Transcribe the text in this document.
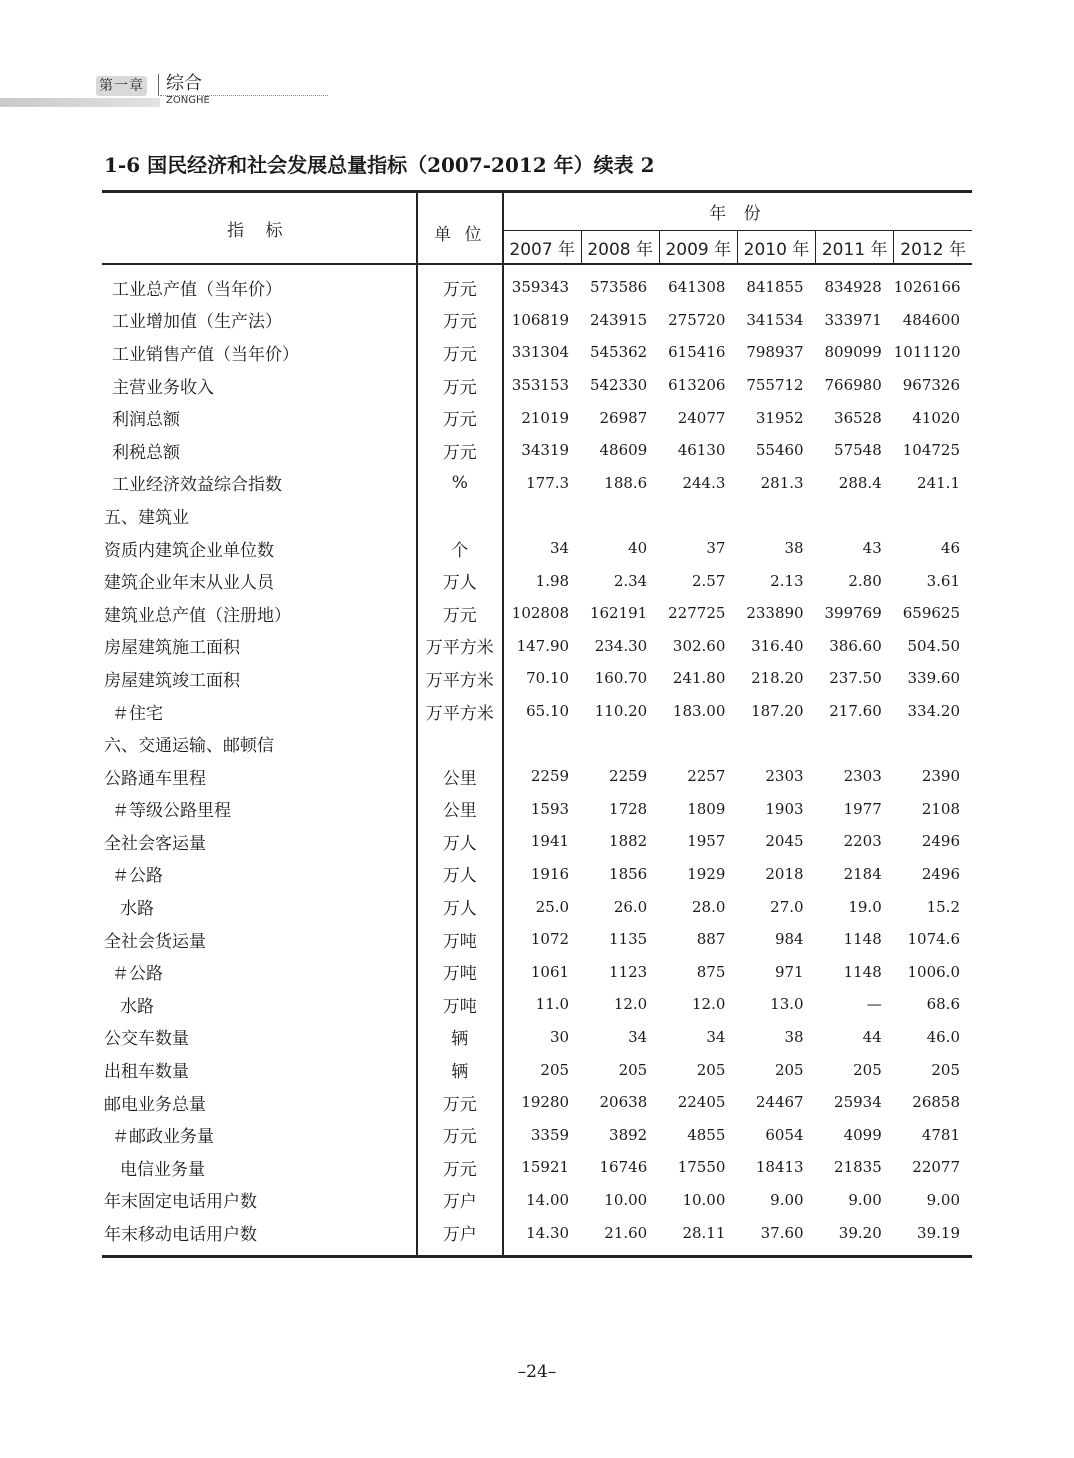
第一章 综合
ZONGHE
1-6 国民经济和社会发展总量指标（2007-2012 年）续表 2
指 标	单 位	年 份					
		2007 年	2008 年	2009 年	2010 年	2011 年	2012 年
工业总产值（当年价）	万元	359343	573586	641308	841855	834928	1026166
工业增加值（生产法）	万元	106819	243915	275720	341534	333971	484600
工业销售产值（当年价）	万元	331304	545362	615416	798937	809099	1011120
主营业务收入	万元	353153	542330	613206	755712	766980	967326
利润总额	万元	21019	26987	24077	31952	36528	41020
利税总额	万元	34319	48609	46130	55460	57548	104725
工业经济效益综合指数	%	177.3	188.6	244.3	281.3	288.4	241.1
五、建筑业							
资质内建筑企业单位数	个	34	40	37	38	43	46
建筑企业年末从业人员	万人	1.98	2.34	2.57	2.13	2.80	3.61
建筑业总产值（注册地）	万元	102808	162191	227725	233890	399769	659625
房屋建筑施工面积	万平方米	147.90	234.30	302.60	316.40	386.60	504.50
房屋建筑竣工面积	万平方米	70.10	160.70	241.80	218.20	237.50	339.60
＃住宅	万平方米	65.10	110.20	183.00	187.20	217.60	334.20
六、交通运输、邮顿信							
公路通车里程	公里	2259	2259	2257	2303	2303	2390
＃等级公路里程	公里	1593	1728	1809	1903	1977	2108
全社会客运量	万人	1941	1882	1957	2045	2203	2496
＃公路	万人	1916	1856	1929	2018	2184	2496
水路	万人	25.0	26.0	28.0	27.0	19.0	15.2
全社会货运量	万吨	1072	1135	887	984	1148	1074.6
＃公路	万吨	1061	1123	875	971	1148	1006.0
水路	万吨	11.0	12.0	12.0	13.0	—	68.6
公交车数量	辆	30	34	34	38	44	46.0
出租车数量	辆	205	205	205	205	205	205
邮电业务总量	万元	19280	20638	22405	24467	25934	26858
＃邮政业务量	万元	3359	3892	4855	6054	4099	4781
电信业务量	万元	15921	16746	17550	18413	21835	22077
年末固定电话用户数	万户	14.00	10.00	10.00	9.00	9.00	9.00
年末移动电话用户数	万户	14.30	21.60	28.11	37.60	39.20	39.19
–24–
